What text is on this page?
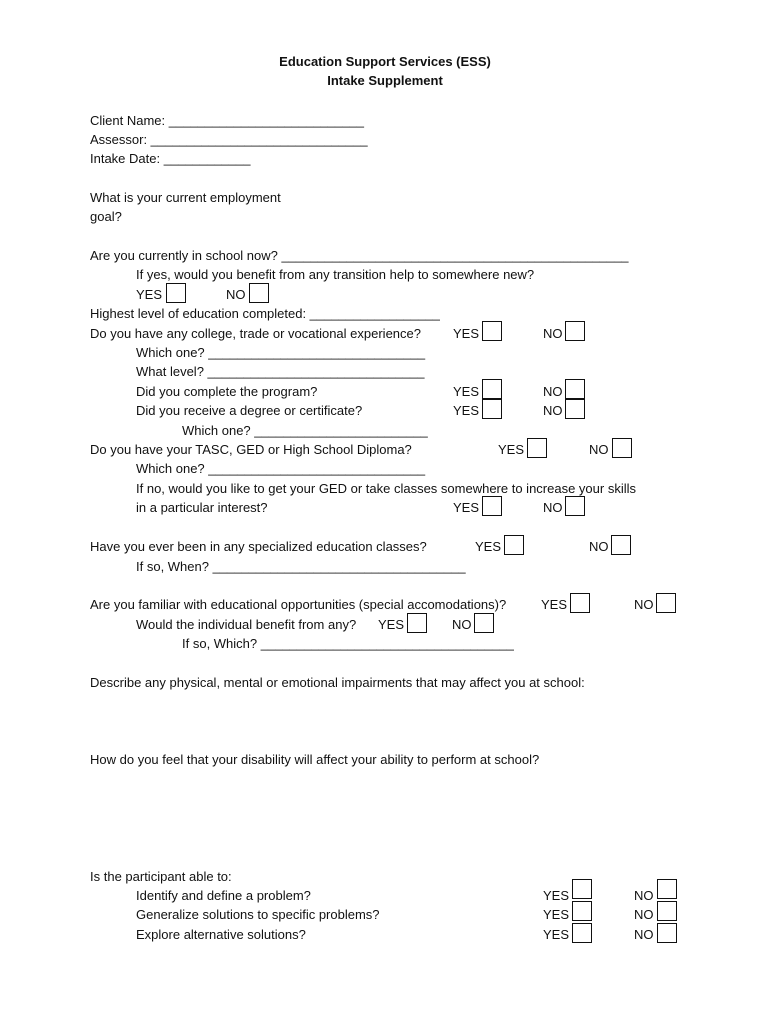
Education Support Services (ESS)
Intake Supplement
Client Name: ___________________________
Assessor: ______________________________
Intake Date: ____________
What is your current employment
goal?
Are you currently in school now? ________________________________________________
If yes, would you benefit from any transition help to somewhere new?
YES	NO
Highest level of education completed: __________________
Do you have any college, trade or vocational experience? YES	NO
Which one? ______________________________
What level? ______________________________
Did you complete the program?	YES	NO
Did you receive a degree or certificate?	YES	NO
Which one? ________________________
Do you have your TASC, GED or High School Diploma?	YES	NO
Which one? ______________________________
If no, would you like to get your GED or take classes somewhere to increase your skills
in a particular interest?	YES	NO
Have you ever been in any specialized education classes?	YES	NO
If so, When? ___________________________________
Are you familiar with educational opportunities (special accomodations)?	YES	NO
Would the individual benefit from any? YES	NO
If so, Which? ___________________________________
Describe any physical, mental or emotional impairments that may affect you at school:
How do you feel that your disability will affect your ability to perform at school?
Is the participant able to:
Identify and define a problem?	YES	NO
Generalize solutions to specific problems?	YES	NO
Explore alternative solutions?	YES	NO
